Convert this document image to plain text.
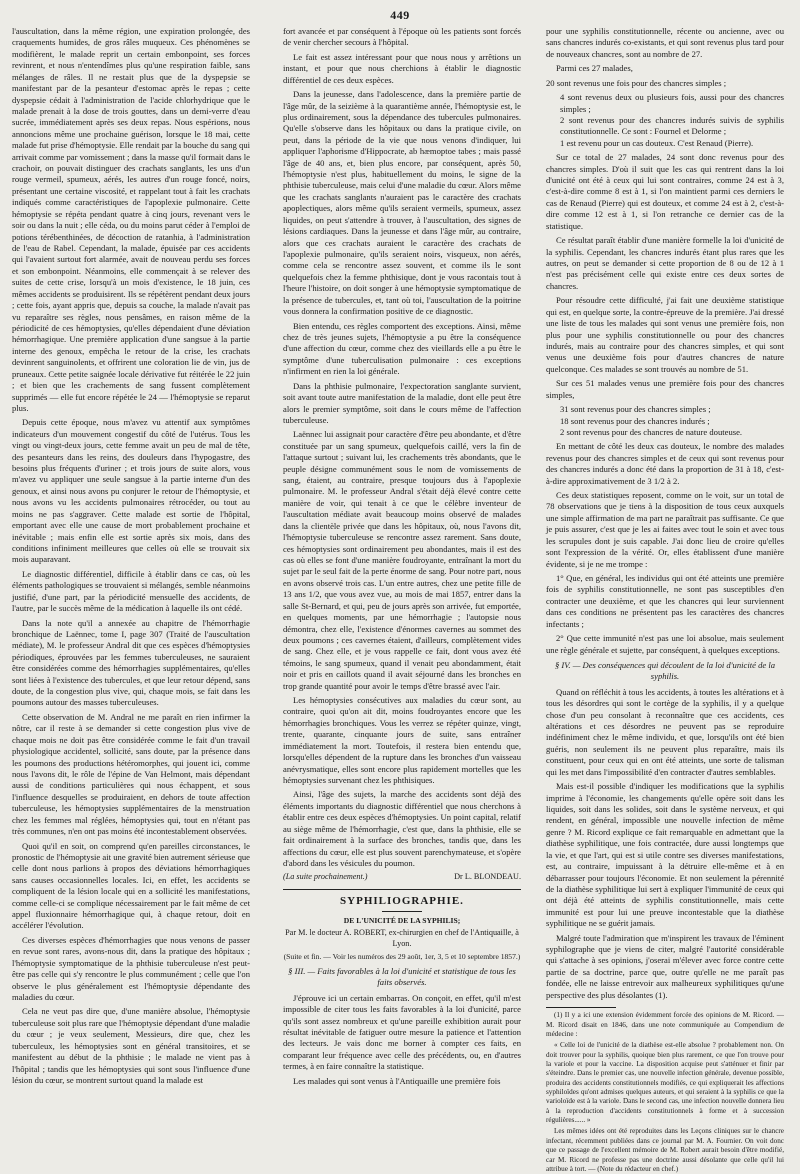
449

l'auscultation, dans la même région, une expiration prolongée, des craquements humides, de gros râles muqueux. Ces phénomènes se modifièrent, le malade reprit un certain embonpoint, ses forces revinrent, et nous n'entendîmes plus qu'une respiration faible, sans mélanges de râles. Il ne restait plus que de la dyspepsie se manifestant par de la pesanteur d'estomac après le repas ; cette dyspepsie cédait à l'administration de l'acide chlorhydrique que le malade prenait à la dose de trois gouttes, dans un demi-verre d'eau sucrée, immédiatement après ses deux repas. Nous espérions, nous annoncions même une prochaine guérison, lorsque le 18 mai, cette malade fut prise d'hémoptysie. Elle rendait par la bouche du sang qui arrivait comme par vomissement ; dans la masse qu'il formait dans le crachoir, on pouvait distinguer des crachats sanglants, les uns d'un rouge vermeil, spumeux, aérés, les autres d'un rouge foncé, noirs, présentant une certaine viscosité, et rappelant tout à fait les crachats indiqués comme caractéristiques de l'apoplexie pulmonaire. Cette hémoptysie se répéta pendant quatre à cinq jours, revenant vers le soir ou dans la nuit ; elle céda, ou du moins parut céder à l'emploi de potions térébenthinées, de décoction de ratanhia, à l'administration de l'eau de Rabel. Cependant, la malade, épuisée par ces accidents qui l'avaient surtout fort alarmée, avait de nouveau perdu ses forces et son embonpoint. Néanmoins, elle commençait à se relever des suites de cette crise, lorsqu'à un mois d'existence, le 18 juin, ces mêmes accidents se produisirent. Ils se répétèrent pendant deux jours ; cette fois, ayant appris que, depuis sa couche, la malade n'avait pas vu reparaître ses règles, nous pensâmes, en raison même de la périodicité de ces hémoptysies, qu'elles dépendaient d'une déviation hémorrhagique. Une première application d'une sangsue à la partie interne des genoux, empêcha le retour de la crise, les crachats devinrent sanguinolents, et offrirent une coloration lie de vin, jus de pruneaux. Cette petite saignée locale dérivative fut réitérée le 22 juin ; et bien que les crachements de sang fussent complètement supprimés — elle fut encore répétée le 24 — l'hémoptysie se reparut plus.

Depuis cette époque, nous m'avez vu attentif aux symptômes indicateurs d'un mouvement congestif du côté de l'utérus. Tous les vingt ou vingt-deux jours, cette femme avait un peu de mal de tête, des pesanteurs dans les reins, des douleurs dans l'hypogastre, des besoins plus fréquents d'uriner ; et trois jours de suite alors, vous m'avez vu appliquer une seule sangsue à la partie interne d'un des genoux, et ainsi nous avons pu conjurer le retour de l'hémoptysie, et nous avons vu les accidents pulmonaires rétrocéder, ou tout au moins ne pas s'aggraver. Cette malade est sortie de l'hôpital, emportant avec elle une cause de mort probablement prochaine et inévitable ; mais enfin elle est sortie après six mois, dans des conditions infiniment meilleures que celles où elle se trouvait six mois auparavant.

Le diagnostic différentiel, difficile à établir dans ce cas, où les éléments pathologiques se trouvaient si mélangés, semble néanmoins justifié, d'une part, par la périodicité mensuelle des accidents, de l'autre, par le succès même de la médication à laquelle ils ont cédé.

Dans la note qu'il a annexée au chapitre de l'hémorrhagie bronchique de Laënnec, tome I, page 307 (Traité de l'auscultation médiate), M. le professeur Andral dit que ces espèces d'hémoptysies périodiques, éprouvées par les femmes tuberculeuses, ne sauraient être considérées comme des hémorrhagies supplémentaires, qu'elles sont liées à l'existence des tubercules, et que leur retour dépend, sans doute, de la congestion plus vive, qui, chaque mois, se fait dans les poumons autour des masses tuberculeuses.

Cette observation de M. Andral ne me paraît en rien infirmer la nôtre, car il reste à se demander si cette congestion plus vive de chaque mois ne doit pas être considérée comme le fait d'un travail physiologique accidentel, sollicité, sans doute, par la présence dans les poumons des productions hétéromorphes, qui jouent ici, comme nous l'avons dit, le rôle de l'épine de Van Helmont, mais dépendant aussi de conditions particulières qui nous échappent, et sous l'influence desquelles se produiraient, en dehors de toute affection tuberculeuse, les hémoptysies supplémentaires de la menstruation chez les femmes mal réglées, hémoptysies qui, tout en n'étant pas très communes, n'en ont pas moins été incontestablement observées.

Quoi qu'il en soit, on comprend qu'en pareilles circonstances, le pronostic de l'hémoptysie ait une gravité bien autrement sérieuse que celle dont nous parlions à propos des déviations hémorrhagiques sans causes occasionnelles locales. Ici, en effet, les accidents se compliquent de la lésion locale qui en a sollicité les manifestations, comme celle-ci se complique nécessairement par le fait même de cet appel fluxionnaire hémorrhagique qui, à chaque retour, doit en accélérer l'évolution.

Ces diverses espèces d'hémorrhagies que nous venons de passer en revue sont rares, avons-nous dit, dans la pratique des hôpitaux ; l'hémoptysie symptomatique de la phthisie tuberculeuse n'est peut-être pas celle qui s'y rencontre le plus communément ; celle que l'on observe le plus généralement est l'hémoptysie dépendante des maladies du cœur.

Cela ne veut pas dire que, d'une manière absolue, l'hémoptysie tuberculeuse soit plus rare que l'hémoptysie dépendant d'une maladie du cœur ; je veux seulement, Messieurs, dire que, chez les tuberculeux, les hémoptysies sont en général transitoires, et se manifestent au début de la phthisie ; le malade ne vient pas à l'hôpital ; tandis que les hémoptysies qui sont sous l'influence d'une lésion du cœur, se montrent surtout quand la malade est

fort avancée et par conséquent à l'époque où les patients sont forcés de venir chercher secours à l'hôpital.

Le fait est assez intéressant pour que nous nous y arrêtions un instant, et pour que nous cherchions à établir le diagnostic différentiel de ces deux espèces.

Dans la jeunesse, dans l'adolescence, dans la première partie de l'âge mûr, de la seizième à la quarantième année, l'hémoptysie est, le plus ordinairement, sous la dépendance des tubercules pulmonaires. Qu'elle s'observe dans les hôpitaux ou dans la pratique civile, on peut, dans la période de la vie que nous venons d'indiquer, lui appliquer l'aphorisme d'Hippocrate, ab hæmoptoe tabes ; mais passé l'âge de 40 ans, et, bien plus encore, par conséquent, après 50, l'hémoptysie n'est plus, habituellement du moins, le signe de la phthisie tuberculeuse, mais celui d'une maladie du cœur. Alors même que les crachats sanglants n'auraient pas le caractère des crachats apoplectiques, alors même qu'ils seraient vermeils, spumeux, assez liquides, on peut s'attendre à trouver, à l'auscultation, des signes de lésions cardiaques. Dans la jeunesse et dans l'âge mûr, au contraire, alors que ces crachats auraient le caractère des crachats de l'apoplexie pulmonaire, qu'ils seraient noirs, visqueux, non aérés, comme cela se rencontre assez souvent, et comme ils le sont quelquefois chez la femme phthisique, dont je vous racontais tout à l'heure l'histoire, on doit songer à une hémoptysie symptomatique de la présence de tubercules, et, tant où toi, l'auscultation de la poitrine vous donnera la confirmation positive de ce diagnostic.

Bien entendu, ces règles comportent des exceptions. Ainsi, même chez de très jeunes sujets, l'hémoptysie a pu être la conséquence d'une affection du cœur, comme chez des vieillards elle a pu être le symptôme d'une tuberculisation pulmonaire : ces exceptions n'infirment en rien la loi générale.

Dans la phthisie pulmonaire, l'expectoration sanglante survient, soit avant toute autre manifestation de la maladie, dont elle peut être alors le premier symptôme, soit dans le cours même de l'affection tuberculeuse.

Laënnec lui assignait pour caractère d'être peu abondante, et d'être constituée par un sang spumeux, quelquefois caillé, vers la fin de l'attaque surtout ; suivant lui, les crachements très abondants, que le peuple désigne communément sous le nom de vomissements de sang, étaient, au contraire, presque toujours dus à l'apoplexie pulmonaire. M. le professeur Andral s'était déjà élevé contre cette manière de voir, qui tenait à ce que le célèbre inventeur de l'auscultation médiate avait beaucoup moins observé de malades dans la clientèle privée que dans les hôpitaux, où, nous l'avons dit, l'hémoptysie tuberculeuse se rencontre assez rarement. Sans doute, ces hémoptysies sont ordinairement peu abondantes, mais il est des cas où elles se font d'une manière foudroyante, entraînant la mort du sujet par le seul fait de la perte énorme de sang. Pour notre part, nous en avons observé trois cas. L'un entre autres, chez une petite fille de 13 ans 1/2, que vous avez vue, au mois de mai 1857, entrer dans la salle St-Bernard, et qui, peu de jours après son arrivée, fut emportée, en quelques moments, par une hémorrhagie ; l'autopsie nous démontra, chez elle, l'existence d'énormes cavernes au sommet des deux poumons ; ces cavernes étaient, d'ailleurs, complètement vides de sang. Chez elle, et je vous rappelle ce fait, dont vous avez été témoins, le sang spumeux, quand il venait peu abondamment, était noir et pris en caillots quand il avait séjourné dans les bronches en trop grande quantité pour avoir le temps d'être brassé avec l'air.

Les hémoptysies consécutives aux maladies du cœur sont, au contraire, quoi qu'on ait dit, moins foudroyantes encore que les hémorrhagies bronchiques. Vous les verrez se répéter quinze, vingt, trente, quarante, cinquante jours de suite, sans entraîner immédiatement la mort. Toutefois, il restera bien entendu que, lorsqu'elles dépendent de la rupture dans les bronches d'un vaisseau anévrysmatique, elles sont encore plus rapidement mortelles que les hémoptysies survenant chez les phthisiques.

Ainsi, l'âge des sujets, la marche des accidents sont déjà des éléments importants du diagnostic différentiel que nous cherchons à établir entre ces deux espèces d'hémoptysies. Un point capital, relatif au siège même de l'hémorrhagie, c'est que, dans la phthisie, elle se fait ordinairement à la surface des bronches, tandis que, dans les affections du cœur, elle est plus souvent parenchymateuse, et s'opère d'abord dans les vésicules du poumon.

(La suite prochainement.)	Dr L. BLONDEAU.
SYPHILIOGRAPHIE.
DE L'UNICITÉ DE LA SYPHILIS;
Par M. le docteur A. ROBERT, ex-chirurgien en chef de l'Antiquaille, à Lyon.
(Suite et fin. — Voir les numéros des 29 août, 1er, 3, 5 et 10 septembre 1857.)
§ III. — Faits favorables à la loi d'unicité et statistique de tous les faits observés.

J'éprouve ici un certain embarras. On conçoit, en effet, qu'il m'est impossible de citer tous les faits favorables à la loi d'unicité, parce qu'ils sont assez nombreux et qu'une pareille exhibition aurait pour résultat inévitable de fatiguer outre mesure la patience et l'attention des lecteurs. Je vais donc me borner à compter ces faits, en comparant leur fréquence avec celle des précédents, ou, en d'autres termes, à en faire connaître la statistique.

Les malades qui sont venus à l'Antiquaille une première fois

pour une syphilis constitutionnelle, récente ou ancienne, avec ou sans chancres indurés co-existants, et qui sont revenus plus tard pour de nouveaux chancres, sont au nombre de 27.

Parmi ces 27 malades,

20 sont revenus une fois pour des chancres simples ;

4 sont revenus deux ou plusieurs fois, aussi pour des chancres simples ;
2 sont revenus pour des chancres indurés suivis de syphilis constitutionnelle. Ce sont : Fournel et Delorme ;
1 est revenu pour un cas douteux. C'est Renaud (Pierre).

Sur ce total de 27 malades, 24 sont donc revenus pour des chancres simples. D'où il suit que les cas qui rentrent dans la loi d'unicité ont été à ceux qui lui sont contraires, comme 24 est à 3, c'est-à-dire comme 8 est à 1, si l'on maintient parmi ces derniers le cas de Renaud (Pierre) qui est douteux, et comme 24 est à 2, c'est-à-dire comme 12 est à 1, si l'on retranche ce dernier cas de la statistique.

Ce résultat paraît établir d'une manière formelle la loi d'unicité de la syphilis. Cependant, les chancres indurés étant plus rares que les autres, on peut se demander si cette proportion de 8 ou de 12 à 1 n'est pas précisément celle qui existe entre ces deux sortes de chancres.

Pour résoudre cette difficulté, j'ai fait une deuxième statistique qui est, en quelque sorte, la contre-épreuve de la première. J'ai dressé une liste de tous les malades qui sont venus une première fois, non plus pour une syphilis constitutionnelle ou pour des chancres indurés, mais au contraire pour des chancres simples, et qui sont venus une deuxième fois pour d'autres chancres de nature quelconque. Ces malades se sont trouvés au nombre de 51.

Sur ces 51 malades venus une première fois pour des chancres simples,

31 sont revenus pour des chancres simples ;
18 sont revenus pour des chancres indurés ;
2 sont revenus pour des chancres de nature douteuse.

En mettant de côté les deux cas douteux, le nombre des malades revenus pour des chancres simples et de ceux qui sont revenus pour des chancres indurés a donc été dans la proportion de 31 à 18, c'est-à-dire approximativement de 3 1/2 à 2.

Ces deux statistiques reposent, comme on le voit, sur un total de 78 observations que je tiens à la disposition de tous ceux auxquels une simple affirmation de ma part ne paraîtrait pas suffisante. Ce que je puis assurer, c'est que je les ai faites avec tout le soin et avec tous les scrupules dont je suis capable. J'ai donc lieu de croire qu'elles sont l'expression de la vérité. Or, elles établissent d'une manière évidente, si je ne me trompe :

1° Que, en général, les individus qui ont été atteints une première fois de syphilis constitutionnelle, ne sont pas susceptibles d'en contracter une deuxième, et que les chancres qui leur surviennent dans ces conditions ne présentent pas les caractères des chancres infectants ;

2° Que cette immunité n'est pas une loi absolue, mais seulement une règle générale et sujette, par conséquent, à quelques exceptions.

§ IV. — Des conséquences qui découlent de la loi d'unicité de la syphilis.

Quand on réfléchit à tous les accidents, à toutes les altérations et à tous les désordres qui sont le cortège de la syphilis, il y a quelque chose d'un peu consolant à reconnaître que ces accidents, ces altérations et ces désordres ne peuvent pas se reproduire indéfiniment chez le même individu, et que, lorsqu'ils ont été bien guéris, non seulement ils ne peuvent plus reparaître, mais ils constituent, pour ceux qui en ont été atteints, une sorte de talisman qui les met dans l'impossibilité d'en contracter d'autres semblables.

Mais est-il possible d'indiquer les modifications que la syphilis imprime à l'économie, les changements qu'elle opère soit dans les liquides, soit dans les solides, soit dans le système nerveux, et qui rendent, en général, impossible une nouvelle infection de même genre ? M. Ricord explique ce fait remarquable en admettant que la diathèse syphilitique, une fois contractée, dure aussi longtemps que la vie, et que l'art, qui est si utile contre ses diverses manifestations, est, au contraire, impuissant à la détruire elle-même et à en débarrasser pour toujours l'économie. Et non seulement la pérennité de la diathèse syphilitique lui sert à expliquer l'immunité de ceux qui ont déjà été atteints de syphilis constitutionnelle, mais cette immunité est pour lui une preuve incontestable que la diathèse syphilitique ne se guérit jamais.

Malgré toute l'admiration que m'inspirent les travaux de l'éminent syphilographe que je viens de citer, malgré l'autorité considérable qui s'attache à ses opinions, j'oserai m'élever avec force contre cette partie de sa doctrine, parce que, outre qu'elle ne me paraît pas fondée, elle ne laisse entrevoir aux malheureux syphilitiques qu'une perspective des plus désolantes (1).

(1) Il y a ici une extension évidemment forcée des opinions de M. Ricord. — M. Ricord disait en 1846, dans une note communiquée au Compendium de médecine :

« Celle loi de l'unicité de la diathèse est-elle absolue ? probablement non. On doit trouver pour la syphilis, quoique bien plus rarement, ce que l'on trouve pour la variole et pour la vaccine. La disposition acquise peut s'atténuer et finir par s'éteindre. Dans le premier cas, une nouvelle infection générale, devenue possible, produira des accidents constitutionnels modifiés, ce qui expliquerait les affections syphiloïdes qu'ont admises quelques auteurs, et qui seraient à la syphilis ce que la varioloïde est à la variole. Dans le second cas, une infection nouvelle donnera lieu à la reproduction d'accidents constitutionnels à forme et à succession régulières...... »

Les mêmes idées ont été reproduites dans les Leçons cliniques sur le chancre infectant, récemment publiées dans ce journal par M. A. Fournier. On voit donc que ce passage de l'excellent mémoire de M. Robert aurait besoin d'être modifié, car M. Ricord ne professe pas une doctrine aussi désolante que celle qu'il lui attribue à tort. — (Note du rédacteur en chef.)
